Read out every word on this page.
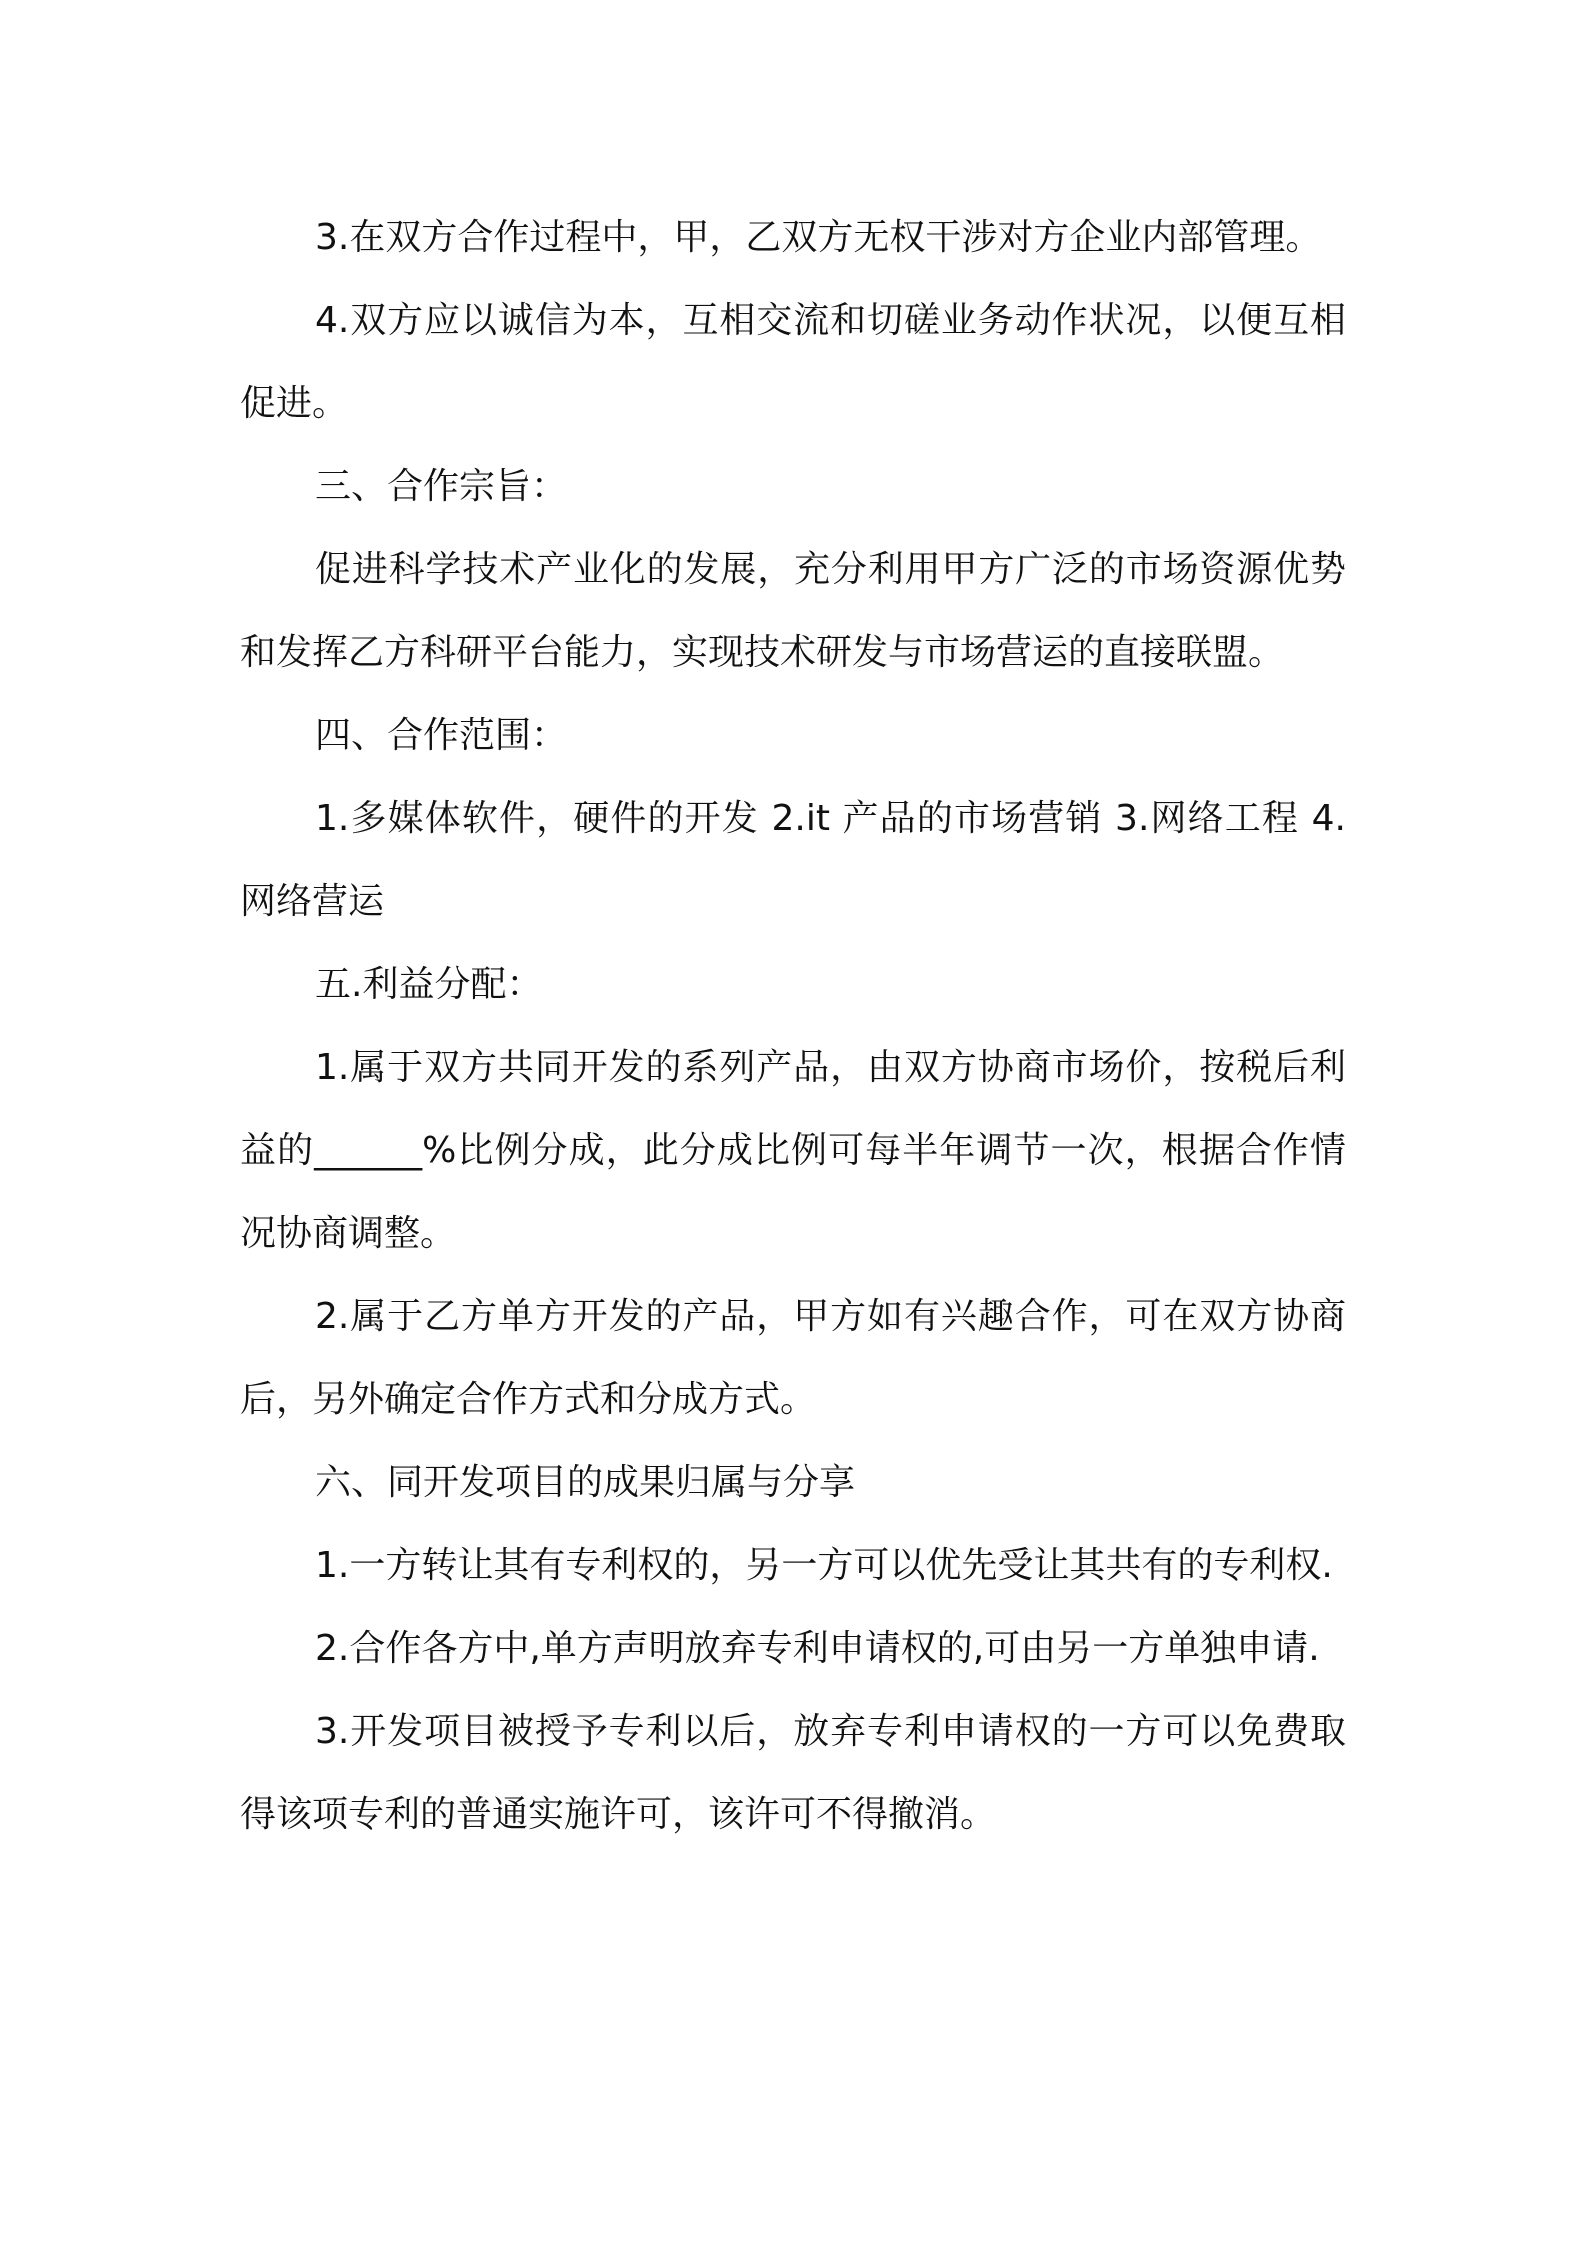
3.在双方合作过程中，甲，乙双方无权干涉对方企业内部管理。

4.双方应以诚信为本，互相交流和切磋业务动作状况，以便互相促进。

三、合作宗旨：

促进科学技术产业化的发展，充分利用甲方广泛的市场资源优势和发挥乙方科研平台能力，实现技术研发与市场营运的直接联盟。

四、合作范围：

1.多媒体软件，硬件的开发 2.it 产品的市场营销 3.网络工程 4.网络营运

五.利益分配：

1.属于双方共同开发的系列产品，由双方协商市场价，按税后利益的______%比例分成，此分成比例可每半年调节一次，根据合作情况协商调整。

2.属于乙方单方开发的产品，甲方如有兴趣合作，可在双方协商后，另外确定合作方式和分成方式。

六、同开发项目的成果归属与分享

1.一方转让其有专利权的，另一方可以优先受让其共有的专利权.

2.合作各方中,单方声明放弃专利申请权的,可由另一方单独申请.

3.开发项目被授予专利以后，放弃专利申请权的一方可以免费取得该项专利的普通实施许可，该许可不得撤消。
